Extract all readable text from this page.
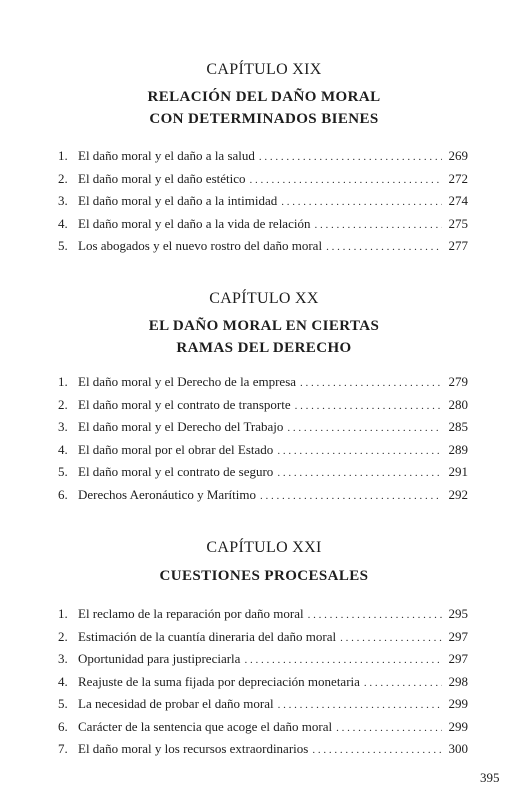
CAPÍTULO XIX

RELACIÓN DEL DAÑO MORAL

CON DETERMINADOS BIENES

1. El daño moral y el daño a la salud . . .	269
2. El daño moral y el daño estético . . .	272
3. El daño moral y el daño a la intimidad . . .	274
4. El daño moral y el daño a la vida de relación . . .	275
5. Los abogados y el nuevo rostro del daño moral . . .	277

CAPÍTULO XX

EL DAÑO MORAL EN CIERTAS

RAMAS DEL DERECHO

1. El daño moral y el Derecho de la empresa . . .	279
2. El daño moral y el contrato de transporte . . .	280
3. El daño moral y el Derecho del Trabajo . . .	285
4. El daño moral por el obrar del Estado . . .	289
5. El daño moral y el contrato de seguro . . .	291
6. Derechos Aeronáutico y Marítimo . . .	292

CAPÍTULO XXI

CUESTIONES PROCESALES

1. El reclamo de la reparación por daño moral . . .	295
2. Estimación de la cuantía dineraria del daño moral . . .	297
3. Oportunidad para justipreciarla . . .	297
4. Reajuste de la suma fijada por depreciación monetaria . . .	298
5. La necesidad de probar el daño moral . . .	299
6. Carácter de la sentencia que acoge el daño moral . . .	299
7. El daño moral y los recursos extraordinarios . . .	300
395
